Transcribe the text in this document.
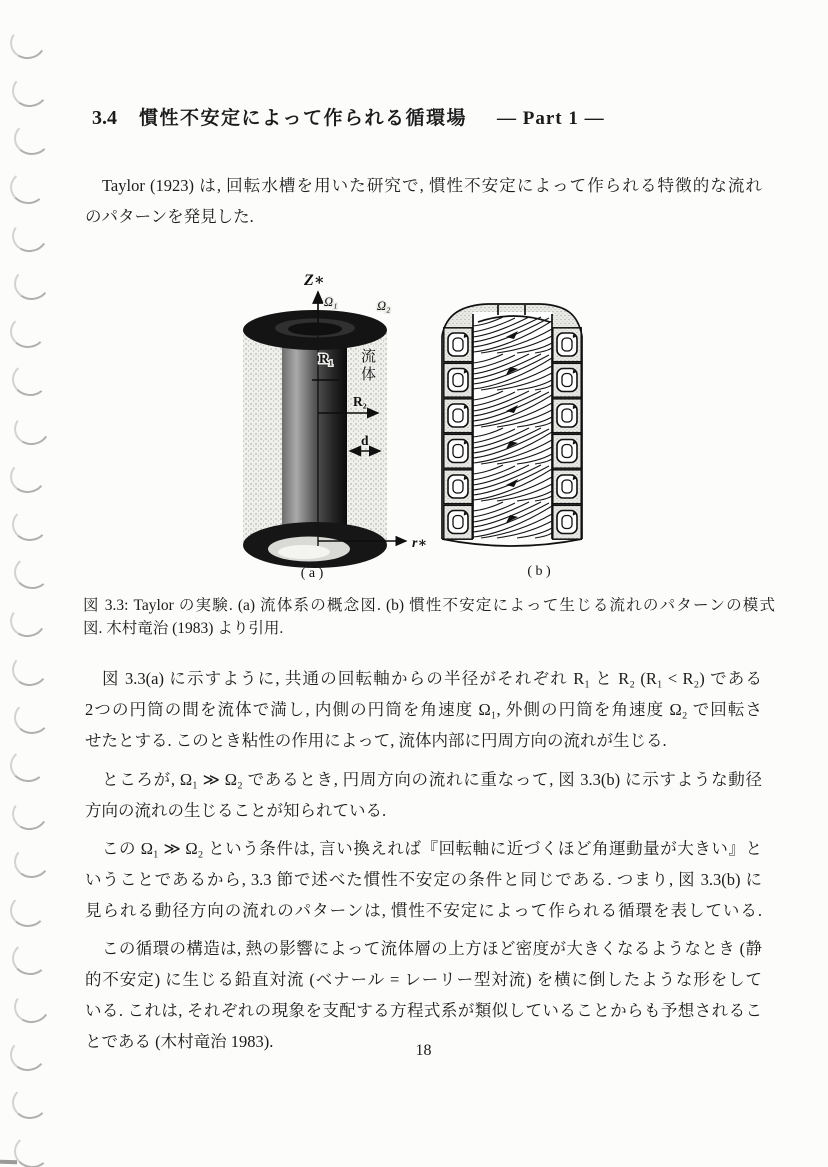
3.4 慣性不安定によって作られる循環場 — Part 1 —
Taylor (1923) は, 回転水槽を用いた研究で, 慣性不安定によって作られる特徴的な流れ
のパターンを発見した.
Z∗
Ω₁	Ω₂
R₁ 流
体
R₂
d
r∗
( a )	( b )
図 3.3: Taylor の実験. (a) 流体系の概念図. (b) 慣性不安定によって生じる流れのパターンの模式
図. 木村竜治 (1983) より引用.
図 3.3(a) に示すように, 共通の回転軸からの半径がそれぞれ R₁ と R₂ (R₁ < R₂) である
2つの円筒の間を流体で満し, 内側の円筒を角速度 Ω₁, 外側の円筒を角速度 Ω₂ で回転さ
せたとする. このとき粘性の作用によって, 流体内部に円周方向の流れが生じる.
ところが, Ω₁ ≫ Ω₂ であるとき, 円周方向の流れに重なって, 図 3.3(b) に示すような動径
方向の流れの生じることが知られている.
この Ω₁ ≫ Ω₂ という条件は, 言い換えれば『回転軸に近づくほど角運動量が大きい』と
いうことであるから, 3.3 節で述べた慣性不安定の条件と同じである. つまり, 図 3.3(b) に
見られる動径方向の流れのパターンは, 慣性不安定によって作られる循環を表している.
この循環の構造は, 熱の影響によって流体層の上方ほど密度が大きくなるようなとき (静
的不安定) に生じる鉛直対流 (ベナール = レーリー型対流) を横に倒したような形をして
いる. これは, それぞれの現象を支配する方程式系が類似していることからも予想されるこ
とである (木村竜治 1983).	18
